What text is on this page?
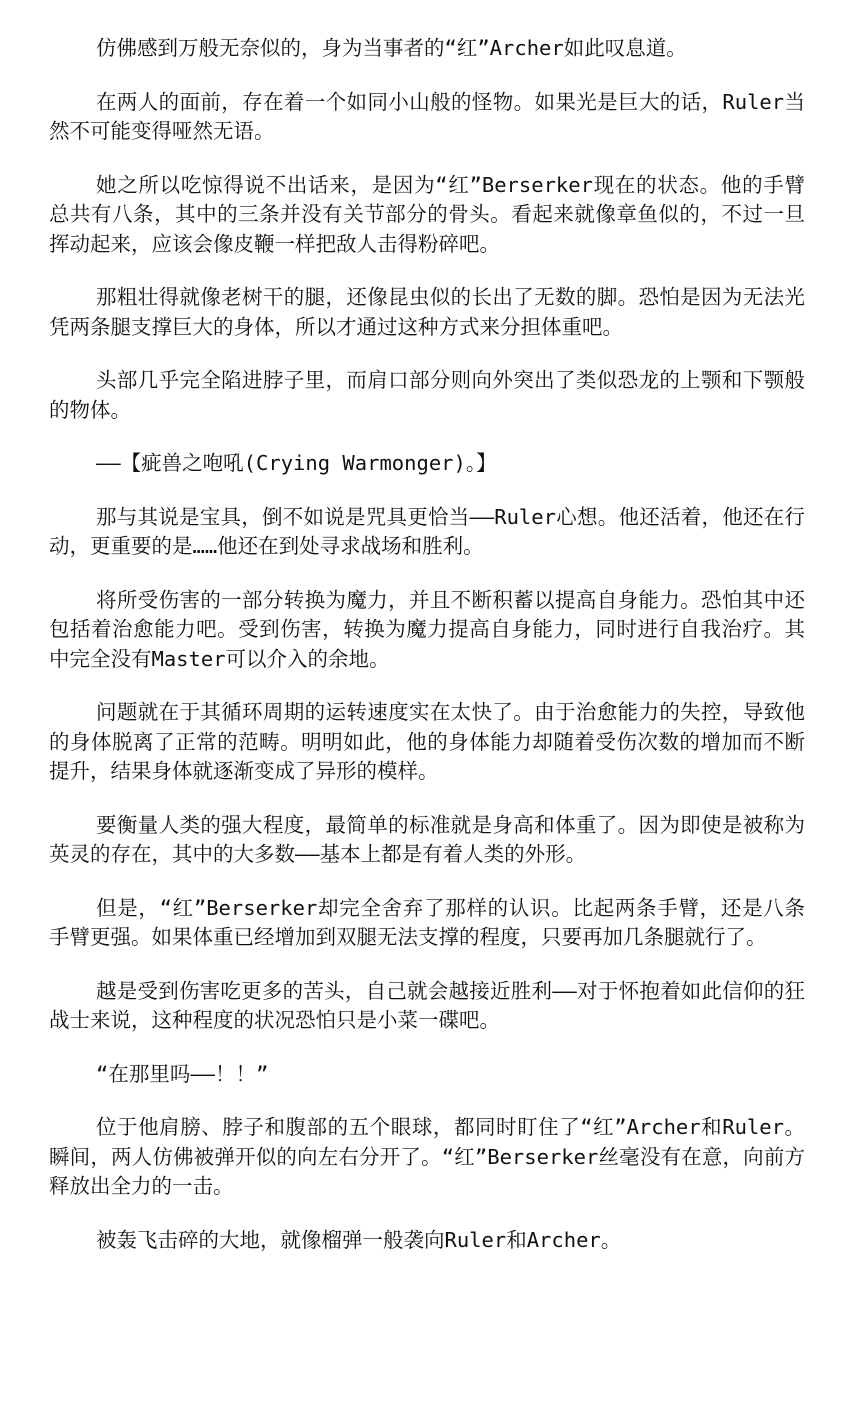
仿佛感到万般无奈似的，身为当事者的“红”Archer如此叹息道。

在两人的面前，存在着一个如同小山般的怪物。如果光是巨大的话，Ruler当然不可能变得哑然无语。

她之所以吃惊得说不出话来，是因为“红”Berserker现在的状态。他的手臂总共有八条，其中的三条并没有关节部分的骨头。看起来就像章鱼似的，不过一旦挥动起来，应该会像皮鞭一样把敌人击得粉碎吧。

那粗壮得就像老树干的腿，还像昆虫似的长出了无数的脚。恐怕是因为无法光凭两条腿支撑巨大的身体，所以才通过这种方式来分担体重吧。

头部几乎完全陷进脖子里，而肩口部分则向外突出了类似恐龙的上颚和下颚般的物体。

——【疵兽之咆吼(Crying Warmonger)。】

那与其说是宝具，倒不如说是咒具更恰当——Ruler心想。他还活着，他还在行动，更重要的是……他还在到处寻求战场和胜利。

将所受伤害的一部分转换为魔力，并且不断积蓄以提高自身能力。恐怕其中还包括着治愈能力吧。受到伤害，转换为魔力提高自身能力，同时进行自我治疗。其中完全没有Master可以介入的余地。

问题就在于其循环周期的运转速度实在太快了。由于治愈能力的失控，导致他的身体脱离了正常的范畴。明明如此，他的身体能力却随着受伤次数的增加而不断提升，结果身体就逐渐变成了异形的模样。

要衡量人类的强大程度，最简单的标准就是身高和体重了。因为即使是被称为英灵的存在，其中的大多数——基本上都是有着人类的外形。

但是，“红”Berserker却完全舍弃了那样的认识。比起两条手臂，还是八条手臂更强。如果体重已经增加到双腿无法支撑的程度，只要再加几条腿就行了。

越是受到伤害吃更多的苦头，自己就会越接近胜利——对于怀抱着如此信仰的狂战士来说，这种程度的状况恐怕只是小菜一碟吧。

“在那里吗——！！”

位于他肩膀、脖子和腹部的五个眼球，都同时盯住了“红”Archer和Ruler。瞬间，两人仿佛被弹开似的向左右分开了。“红”Berserker丝毫没有在意，向前方释放出全力的一击。

被轰飞击碎的大地，就像榴弹一般袭向Ruler和Archer。
